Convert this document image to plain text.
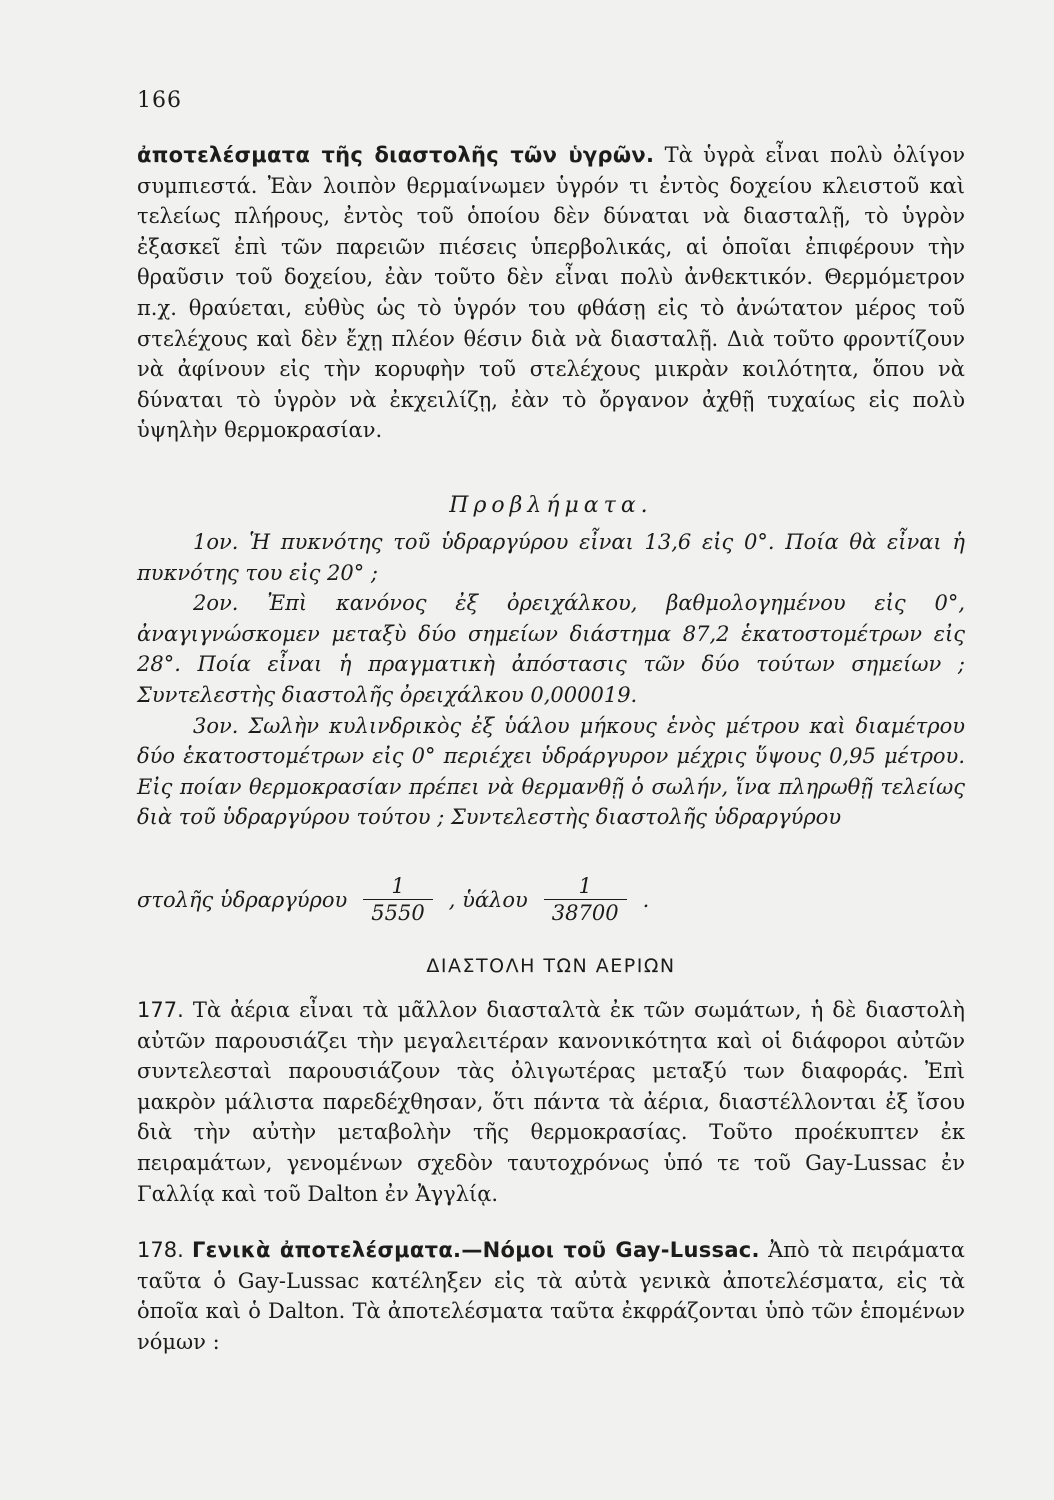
166
ἀποτελέσματα τῆς διαστολῆς τῶν ὑγρῶν. Τὰ ὑγρὰ εἶναι πολὺ ὀλίγον συμπιεστά. Ἐὰν λοιπὸν θερμαίνωμεν ὑγρόν τι ἐντὸς δοχείου κλειστοῦ καὶ τελείως πλήρους, ἐντὸς τοῦ ὁποίου δὲν δύναται νὰ διασταλῇ, τὸ ὑγρὸν ἐξασκεῖ ἐπὶ τῶν παρειῶν πιέσεις ὑπερβολικάς, αἱ ὁποῖαι ἐπιφέρουν τὴν θραῦσιν τοῦ δοχείου, ἐὰν τοῦτο δὲν εἶναι πολὺ ἀνθεκτικόν. Θερμόμετρον π.χ. θραύεται, εὐθὺς ὡς τὸ ὑγρόν του φθάσῃ εἰς τὸ ἀνώτατον μέρος τοῦ στελέχους καὶ δὲν ἔχῃ πλέον θέσιν διὰ νὰ διασταλῇ. Διὰ τοῦτο φροντίζουν νὰ ἀφίνουν εἰς τὴν κορυφὴν τοῦ στελέχους μικρὰν κοιλότητα, ὅπου νὰ δύναται τὸ ὑγρὸν νὰ ἐκχειλίζῃ, ἐὰν τὸ ὄργανον ἀχθῇ τυχαίως εἰς πολὺ ὑψηλὴν θερμοκρασίαν.
Προβλήματα.

1ον. Ἡ πυκνότης τοῦ ὑδραργύρου εἶναι 13,6 εἰς 0°. Ποία θὰ εἶναι ἡ πυκνότης του εἰς 20° ;

2ον. Ἐπὶ κανόνος ἐξ ὀρειχάλκου, βαθμολογημένου εἰς 0°, ἀναγιγνώσκομεν μεταξὺ δύο σημείων διάστημα 87,2 ἑκατοστομέτρων εἰς 28°. Ποία εἶναι ἡ πραγματικὴ ἀπόστασις τῶν δύο τούτων σημείων ; Συντελεστὴς διαστολῆς ὀρειχάλκου 0,000019.

3ον. Σωλὴν κυλινδρικὸς ἐξ ὑάλου μήκους ἑνὸς μέτρου καὶ διαμέτρου δύο ἑκατοστομέτρων εἰς 0° περιέχει ὑδράργυρον μέχρις ὕψους 0,95 μέτρου. Εἰς ποίαν θερμοκρασίαν πρέπει νὰ θερμανθῇ ὁ σωλήν, ἵνα πληρωθῇ τελείως διὰ τοῦ ὑδραργύρου τούτου ; Συντελεστὴς διαστολῆς ὑδραργύρου

στολῆς ὑδραργύρου $\frac{1}{5550}$ , ὑάλου $\frac{1}{38700}$ .
ΔΙΑΣΤΟΛΗ ΤΩΝ ΑΕΡΙΩΝ

177. Τὰ ἀέρια εἶναι τὰ μᾶλλον διασταλτὰ ἐκ τῶν σωμάτων, ἡ δὲ διαστολὴ αὐτῶν παρουσιάζει τὴν μεγαλειτέραν κανονικότητα καὶ οἱ διάφοροι αὐτῶν συντελεσταὶ παρουσιάζουν τὰς ὀλιγωτέρας μεταξύ των διαφοράς. Ἐπὶ μακρὸν μάλιστα παρεδέχθησαν, ὅτι πάντα τὰ ἀέρια, διαστέλλονται ἐξ ἴσου διὰ τὴν αὐτὴν μεταβολὴν τῆς θερμοκρασίας. Τοῦτο προέκυπτεν ἐκ πειραμάτων, γενομένων σχεδὸν ταυτοχρόνως ὑπό τε τοῦ Gay-Lussac ἐν Γαλλίᾳ καὶ τοῦ Dalton ἐν Ἀγγλίᾳ.

178. Γενικὰ ἀποτελέσματα.—Νόμοι τοῦ Gay-Lussac. Ἀπὸ τὰ πειράματα ταῦτα ὁ Gay-Lussac κατέληξεν εἰς τὰ αὐτὰ γενικὰ ἀποτελέσματα, εἰς τὰ ὁποῖα καὶ ὁ Dalton. Τὰ ἀποτελέσματα ταῦτα ἐκφράζονται ὑπὸ τῶν ἑπομένων νόμων :
